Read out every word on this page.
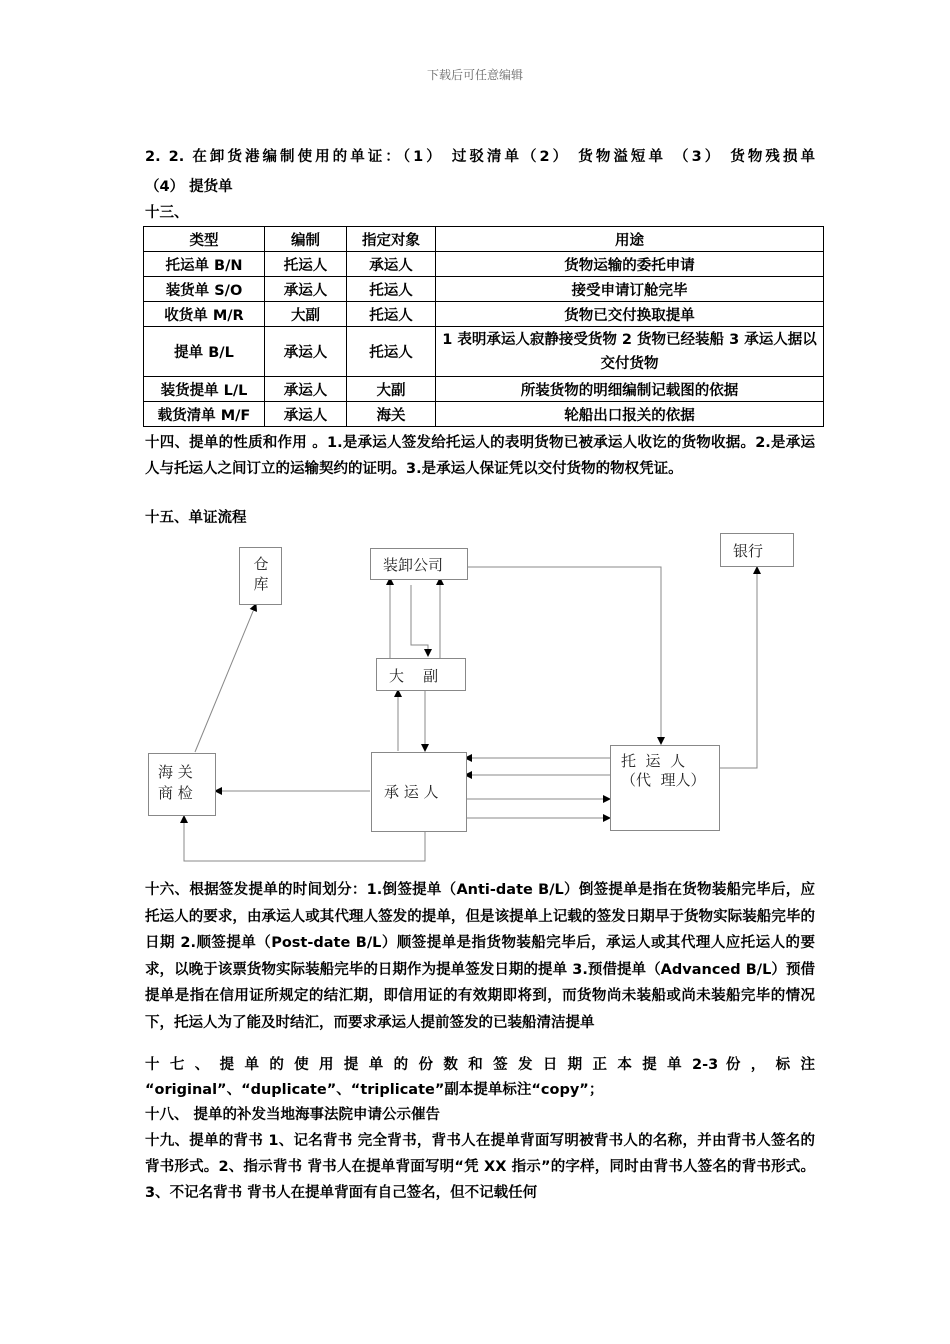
下载后可任意编辑

2. 2. 在卸货港编制使用的单证：（1） 过驳清单（2） 货物溢短单 （3） 货物残损单

（4） 提货单

十三、

类型	编制	指定对象	用途
托运单 B/N	托运人	承运人	货物运输的委托申请
装货单 S/O	承运人	托运人	接受申请订舱完毕
收货单 M/R	大副	托运人	货物已交付换取提单
提单 B/L	承运人	托运人	1 表明承运人寂静接受货物 2 货物已经装船 3 承运人据以交付货物
装货提单 L/L	承运人	大副	所装货物的明细编制记载图的依据
载货清单 M/F	承运人	海关	轮船出口报关的依据

十四、提单的性质和作用 。1.是承运人签发给托运人的表明货物已被承运人收讫的货物收据。2.是承运人与托运人之间订立的运输契约的证明。3.是承运人保证凭以交付货物的物权凭证。

十五、单证流程

仓 库
装卸公司
银行
大    副
海 关 商 检	承 运 人
托  运  人（代  理人）

十六、根据签发提单的时间划分：1.倒签提单（Anti-date B/L）倒签提单是指在货物装船完毕后，应托运人的要求，由承运人或其代理人签发的提单，但是该提单上记载的签发日期早于货物实际装船完毕的日期 2.顺签提单（Post-date B/L）顺签提单是指货物装船完毕后，承运人或其代理人应托运人的要求，以晚于该票货物实际装船完毕的日期作为提单签发日期的提单 3.预借提单（Advanced B/L）预借提单是指在信用证所规定的结汇期，即信用证的有效期即将到，而货物尚未装船或尚未装船完毕的情况下，托运人为了能及时结汇，而要求承运人提前签发的已装船清洁提单

十 七 、 提 单 的 使 用 提 单 的 份 数 和 签 发 日 期 正 本 提 单 2-3 份 ， 标 注

“original”、“duplicate”、“triplicate”副本提单标注“copy”；

十八、 提单的补发当地海事法院申请公示催告

十九、提单的背书 1、记名背书 完全背书，背书人在提单背面写明被背书人的名称，并由背书人签名的背书形式。2、指示背书 背书人在提单背面写明“凭 XX 指示”的字样，同时由背书人签名的背书形式。3、不记名背书 背书人在提单背面有自己签名，但不记载任何
